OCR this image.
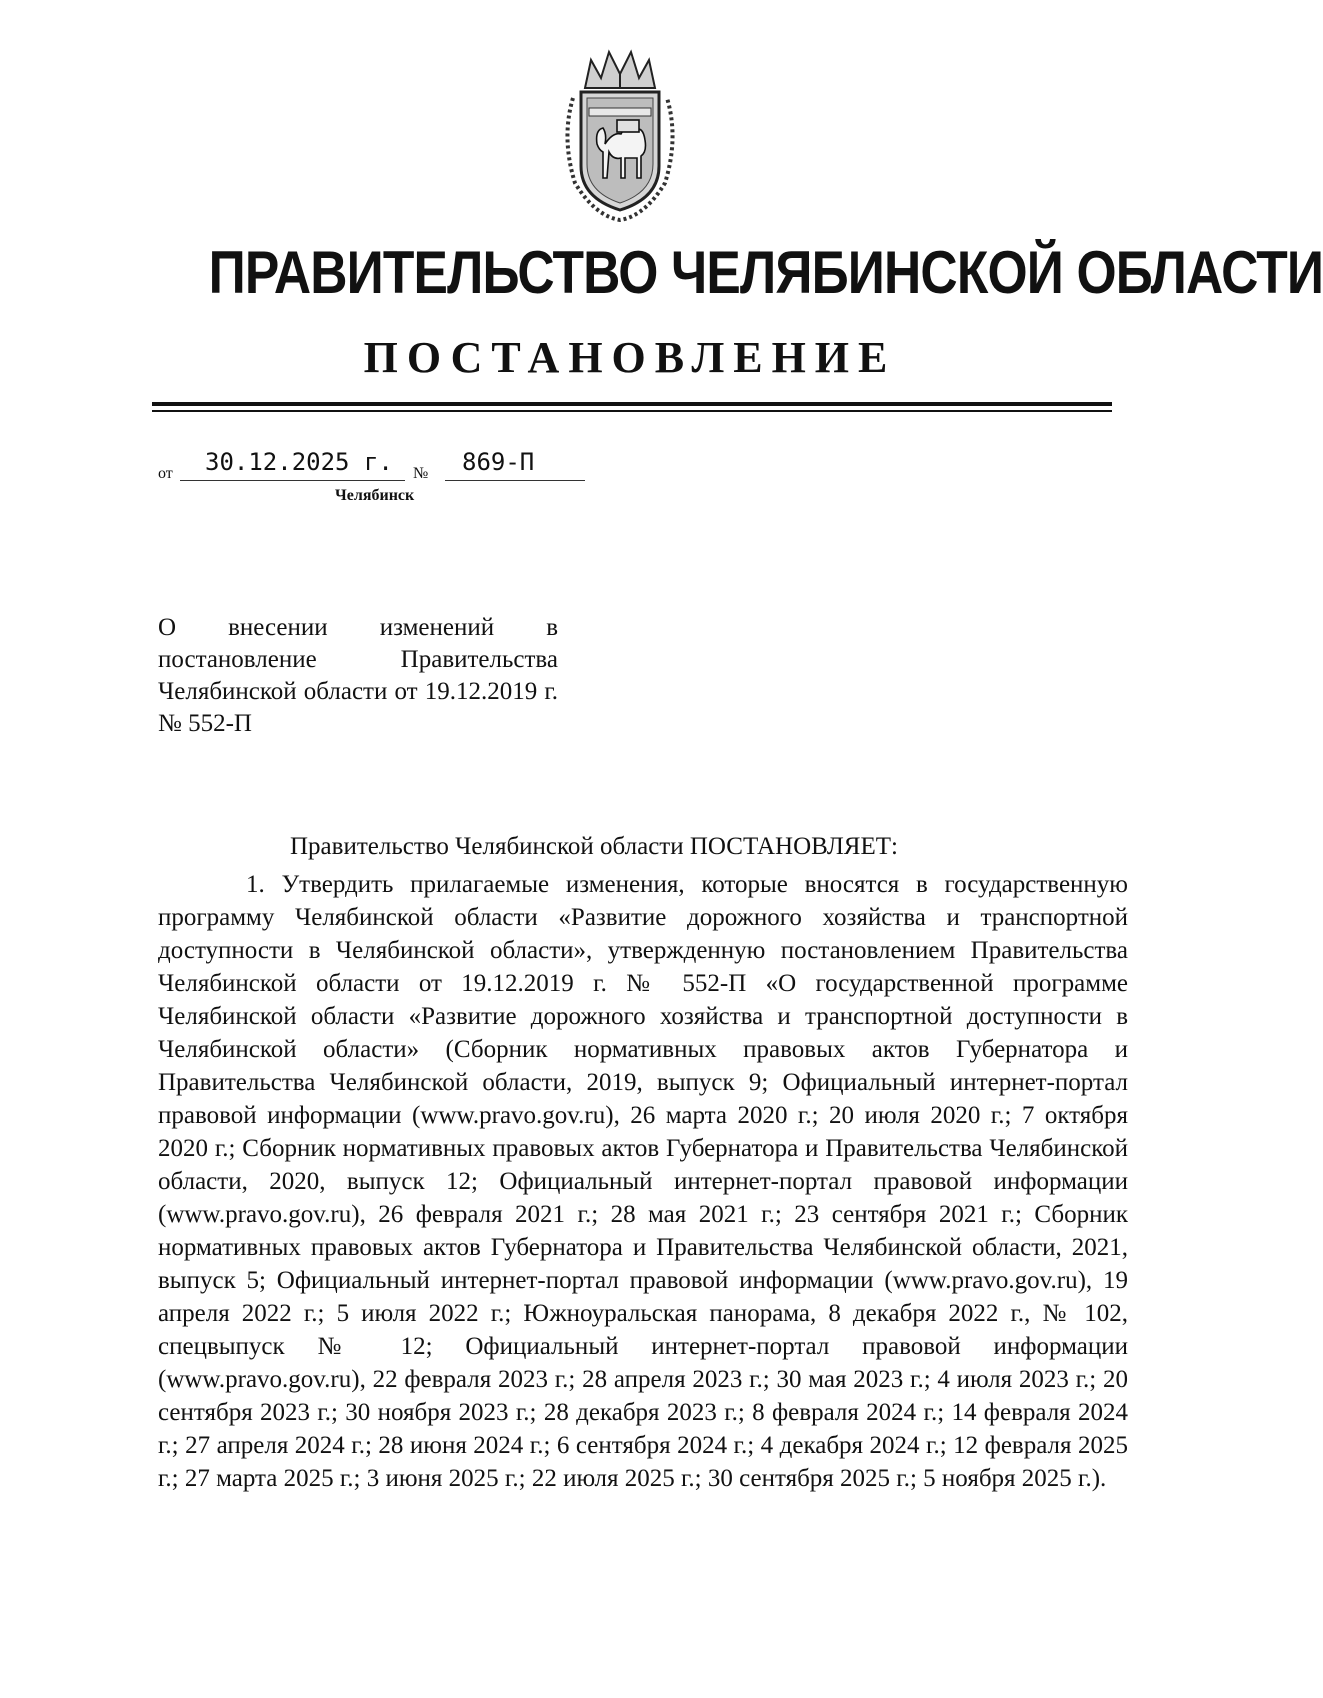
ПРАВИТЕЛЬСТВО ЧЕЛЯБИНСКОЙ ОБЛАСТИ
ПОСТАНОВЛЕНИЕ
от 30.12.2025 г. № 869-П
Челябинск
О внесении изменений в постановление Правительства Челябинской области от 19.12.2019 г. № 552-П
Правительство Челябинской области ПОСТАНОВЛЯЕТ:
1. Утвердить прилагаемые изменения, которые вносятся в государственную программу Челябинской области «Развитие дорожного хозяйства и транспортной доступности в Челябинской области», утвержденную постановлением Правительства Челябинской области от 19.12.2019 г. № 552-П «О государственной программе Челябинской области «Развитие дорожного хозяйства и транспортной доступности в Челябинской области» (Сборник нормативных правовых актов Губернатора и Правительства Челябинской области, 2019, выпуск 9; Официальный интернет-портал правовой информации (www.pravo.gov.ru), 26 марта 2020 г.; 20 июля 2020 г.; 7 октября 2020 г.; Сборник нормативных правовых актов Губернатора и Правительства Челябинской области, 2020, выпуск 12; Официальный интернет-портал правовой информации (www.pravo.gov.ru), 26 февраля 2021 г.; 28 мая 2021 г.; 23 сентября 2021 г.; Сборник нормативных правовых актов Губернатора и Правительства Челябинской области, 2021, выпуск 5; Официальный интернет-портал правовой информации (www.pravo.gov.ru), 19 апреля 2022 г.; 5 июля 2022 г.; Южноуральская панорама, 8 декабря 2022 г., № 102, спецвыпуск № 12; Официальный интернет-портал правовой информации (www.pravo.gov.ru), 22 февраля 2023 г.; 28 апреля 2023 г.; 30 мая 2023 г.; 4 июля 2023 г.; 20 сентября 2023 г.; 30 ноября 2023 г.; 28 декабря 2023 г.; 8 февраля 2024 г.; 14 февраля 2024 г.; 27 апреля 2024 г.; 28 июня 2024 г.; 6 сентября 2024 г.; 4 декабря 2024 г.; 12 февраля 2025 г.; 27 марта 2025 г.; 3 июня 2025 г.; 22 июля 2025 г.; 30 сентября 2025 г.; 5 ноября 2025 г.).
